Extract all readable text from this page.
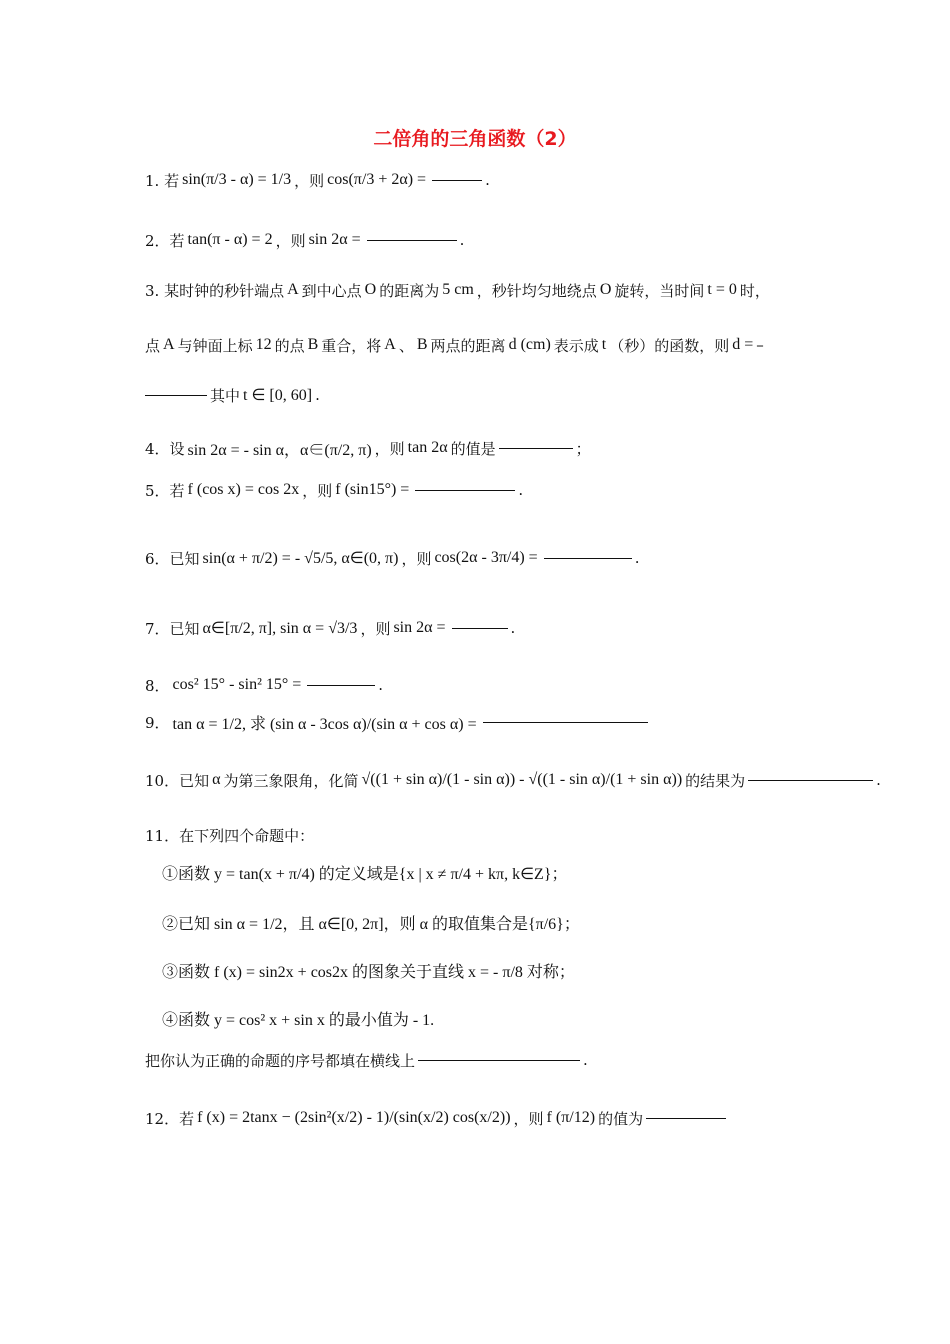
二倍角的三角函数（2）
1. 若 sin(π/3 - α) = 1/3 ，则 cos(π/3 + 2α) =	.
2．若 tan(π - α) = 2 ，则 sin 2α =	.
3. 某时钟的秒针端点 A 到中心点 O 的距离为 5 cm ，秒针均匀地绕点 O 旋转，当时间 t = 0 时，
点 A 与钟面上标 12 的点 B 重合，将 A 、 B 两点的距离 d (cm) 表示成 t （秒）的函数，则 d = –
其中 t ∈ [0, 60] .
4．设 sin 2α = - sin α，α∈(π/2, π) ，则 tan 2α 的值是	；
5．若 f (cos x) = cos 2x ，则 f (sin15°) =	.
6．已知 sin(α + π/2) = - √5/5, α∈(0, π) ，则 cos(2α - 3π/4) =	.
7．已知 α∈[π/2, π], sin α = √3/3 ，则 sin 2α =	.
8． cos² 15° - sin² 15° =	.
9． tan α = 1/2, 求 (sin α - 3cos α)/(sin α + cos α) =
10．已知 α 为第三象限角，化简 √((1 + sin α)/(1 - sin α)) - √((1 - sin α)/(1 + sin α)) 的结果为	.
11．在下列四个命题中：
①函数 y = tan(x + π/4) 的定义域是{x | x ≠ π/4 + kπ, k∈Z}；
②已知 sin α = 1/2，且 α∈[0, 2π]，则 α 的取值集合是{π/6}；
③函数 f (x) = sin2x + cos2x 的图象关于直线 x = - π/8 对称；
④函数 y = cos² x + sin x 的最小值为 - 1.
把你认为正确的命题的序号都填在横线上	.
12．若 f (x) = 2tanx − (2sin²(x/2) - 1)/(sin(x/2) cos(x/2)) ，则 f (π/12) 的值为
